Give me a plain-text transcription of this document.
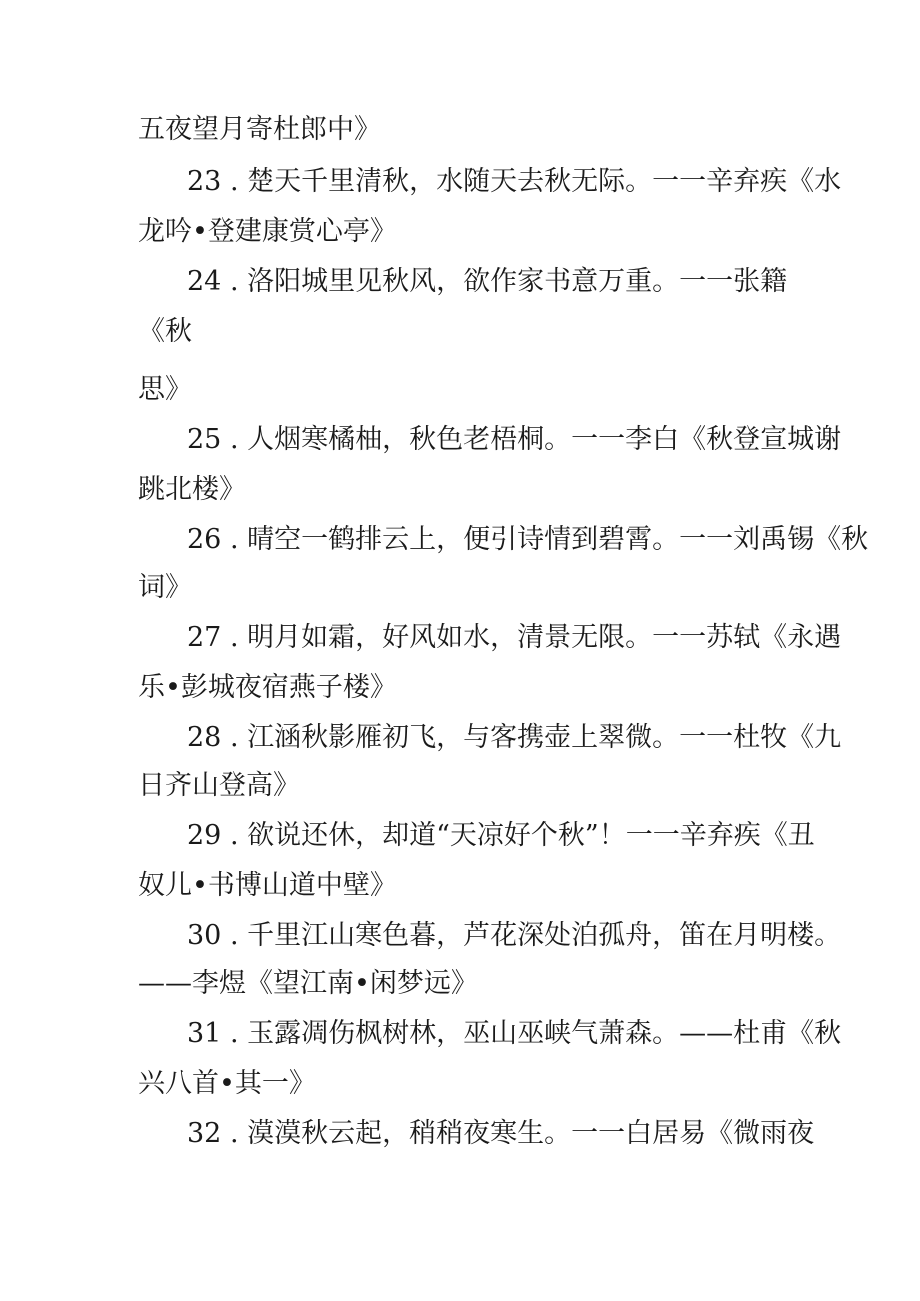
五夜望月寄杜郎中》
23 . 楚天千里清秋，水随天去秋无际。一一辛弃疾《水
龙吟•登建康赏心亭》
24 . 洛阳城里见秋风，欲作家书意万重。一一张籍
《秋
思》
25 . 人烟寒橘柚，秋色老梧桐。一一李白《秋登宣城谢
跳北楼》
26 . 晴空一鹤排云上，便引诗情到碧霄。一一刘禹锡《秋
词》
27 . 明月如霜，好风如水，清景无限。一一苏轼《永遇
乐•彭城夜宿燕子楼》
28 . 江涵秋影雁初飞，与客携壶上翠微。一一杜牧《九
日齐山登高》
29 . 欲说还休，却道“天凉好个秋”！一一辛弃疾《丑
奴儿•书博山道中壁》
30 . 千里江山寒色暮，芦花深处泊孤舟，笛在月明楼。
——李煜《望江南•闲梦远》
31 . 玉露凋伤枫树林，巫山巫峡气萧森。——杜甫《秋
兴八首•其一》
32 . 漠漠秋云起，稍稍夜寒生。一一白居易《微雨夜
